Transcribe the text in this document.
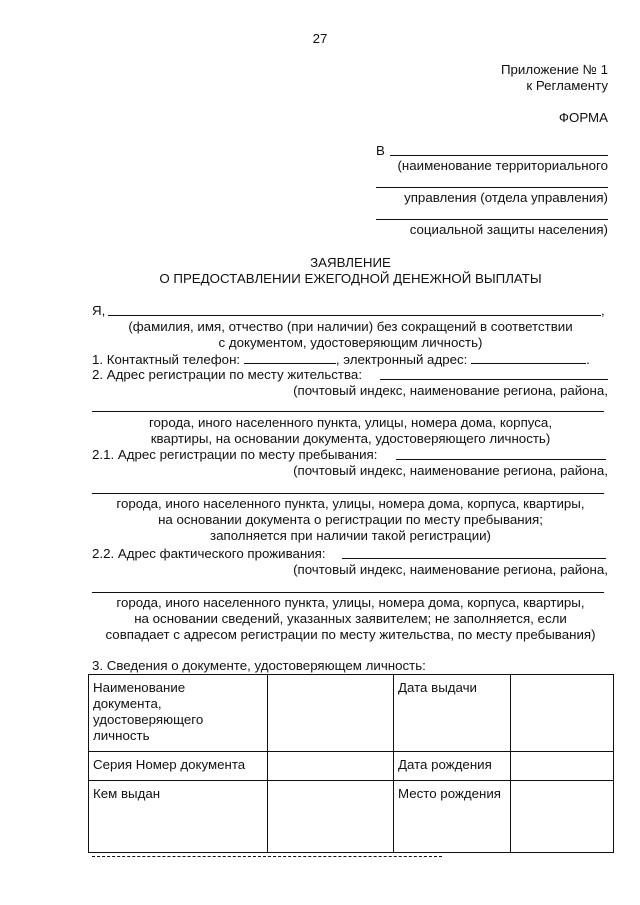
27
Приложение № 1
к Регламенту
ФОРМА
В
(наименование территориального
управления (отдела управления)
социальной защиты населения)
ЗАЯВЛЕНИЕ
О ПРЕДОСТАВЛЕНИИ ЕЖЕГОДНОЙ ДЕНЕЖНОЙ ВЫПЛАТЫ
Я,	,
(фамилия, имя, отчество (при наличии) без сокращений в соответствии
с документом, удостоверяющим личность)
1. Контактный телефон:	, электронный адрес:	.
2. Адрес регистрации по месту жительства:
(почтовый индекс, наименование региона, района,
города, иного населенного пункта, улицы, номера дома, корпуса,
квартиры, на основании документа, удостоверяющего личность)
2.1. Адрес регистрации по месту пребывания:
(почтовый индекс, наименование региона, района,
города, иного населенного пункта, улицы, номера дома, корпуса, квартиры,
на основании документа о регистрации по месту пребывания;
заполняется при наличии такой регистрации)
2.2. Адрес фактического проживания:
(почтовый индекс, наименование региона, района,
города, иного населенного пункта, улицы, номера дома, корпуса, квартиры,
на основании сведений, указанных заявителем; не заполняется, если
совпадает с адресом регистрации по месту жительства, по месту пребывания)
3. Сведения о документе, удостоверяющем личность:
Наименование документа, удостоверяющего личность		Дата выдачи	
Серия Номер документа		Дата рождения	
Кем выдан		Место рождения	
